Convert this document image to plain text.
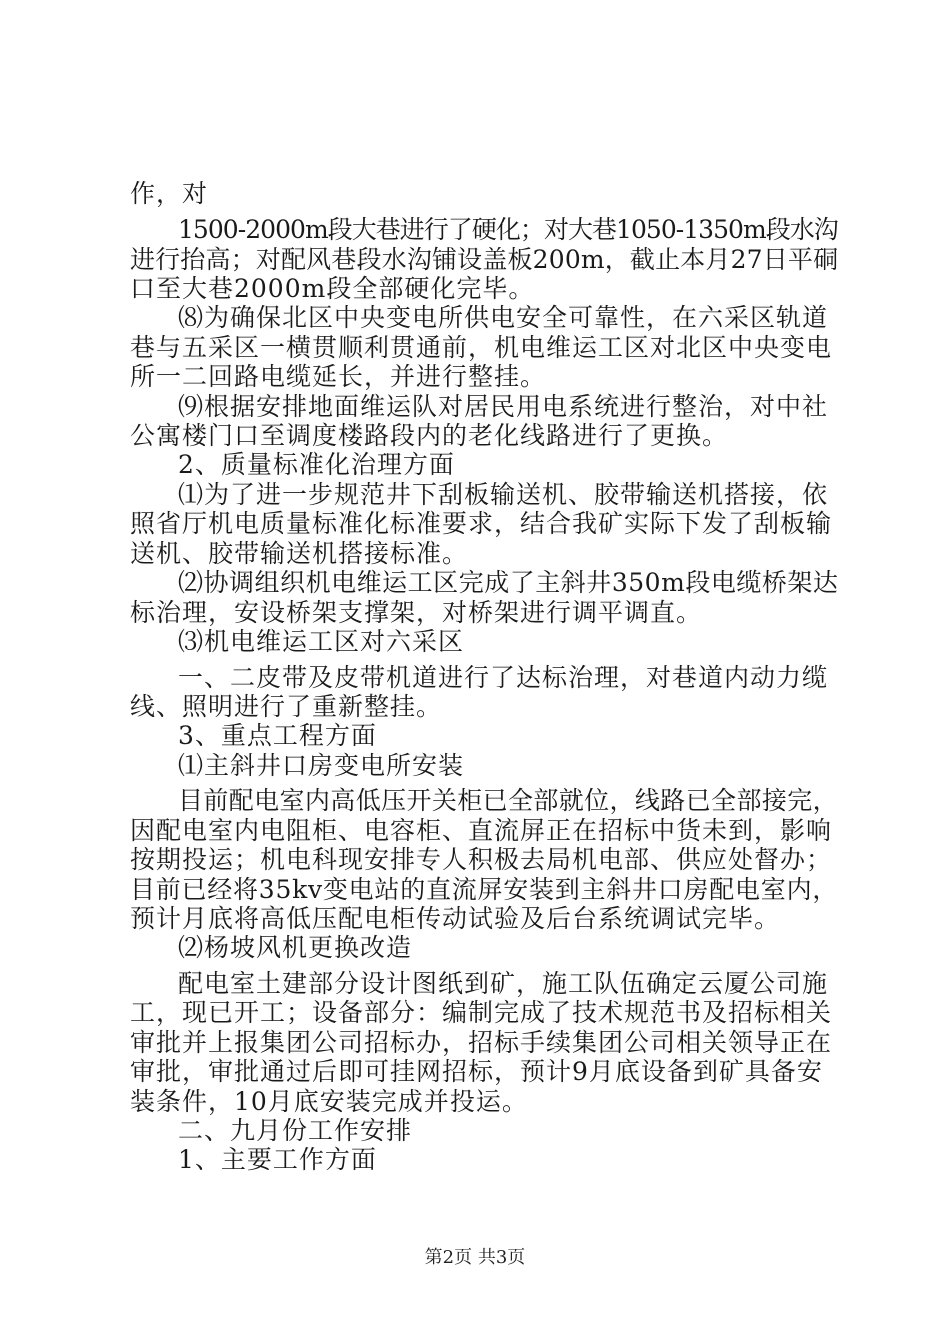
作，对
1500-2000m段大巷进行了硬化；对大巷1050-1350m段水沟
进行抬高；对配风巷段水沟铺设盖板200m，截止本月27日平硐
口至大巷2000m段全部硬化完毕。
⑻为确保北区中央变电所供电安全可靠性，在六采区轨道
巷与五采区一横贯顺利贯通前，机电维运工区对北区中央变电
所一二回路电缆延长，并进行整挂。
⑼根据安排地面维运队对居民用电系统进行整治，对中社
公寓楼门口至调度楼路段内的老化线路进行了更换。
2、质量标准化治理方面
⑴为了进一步规范井下刮板输送机、胶带输送机搭接，依
照省厅机电质量标准化标准要求，结合我矿实际下发了刮板输
送机、胶带输送机搭接标准。
⑵协调组织机电维运工区完成了主斜井350m段电缆桥架达
标治理，安设桥架支撑架，对桥架进行调平调直。
⑶机电维运工区对六采区
一、二皮带及皮带机道进行了达标治理，对巷道内动力缆
线、照明进行了重新整挂。
3、重点工程方面
⑴主斜井口房变电所安装
目前配电室内高低压开关柜已全部就位，线路已全部接完，
因配电室内电阻柜、电容柜、直流屏正在招标中货未到，影响
按期投运；机电科现安排专人积极去局机电部、供应处督办；
目前已经将35kv变电站的直流屏安装到主斜井口房配电室内，
预计月底将高低压配电柜传动试验及后台系统调试完毕。
⑵杨坡风机更换改造
配电室土建部分设计图纸到矿，施工队伍确定云厦公司施
工，现已开工；设备部分：编制完成了技术规范书及招标相关
审批并上报集团公司招标办，招标手续集团公司相关领导正在
审批，审批通过后即可挂网招标，预计9月底设备到矿具备安
装条件，10月底安装完成并投运。
二、九月份工作安排
1、主要工作方面
第2页 共3页
